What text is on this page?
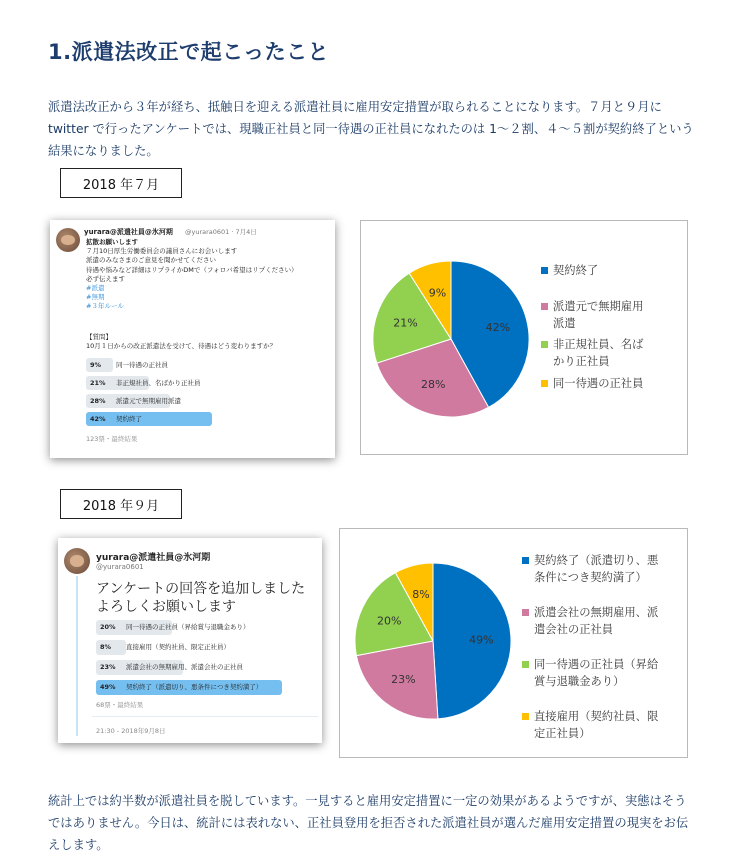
1.派遣法改正で起こったこと
派遣法改正から３年が経ち、抵触日を迎える派遣社員に雇用安定措置が取られることになります。７月と９月に twitter で行ったアンケートでは、現職正社員と同一待遇の正社員になれたのは 1～２割、４～５割が契約終了という結果になりました。
2018 年７月
yurara@派遣社員@氷河期 @yurara0601 · 7月4日
拡散お願いします
７月10日厚生労働委員会の議員さんにお会いします
派遣のみなさまのご意見を聞かせてください
待遇や悩みなど詳細はリプライかDMで（フォロバ希望はリプください）
必ず伝えます
#派遣
#無期
#３年ルール
【質問】
10月１日からの改正派遣法を受けて、待遇はどう変わりますか？
9% 同一待遇の正社員
21% 非正規社員、名ばかり正社員
28% 派遣元で無期雇用派遣
42% 契約終了
123票・最終結果
42%
28%
21%
9%
契約終了
派遣元で無期雇用
派遣
非正規社員、名ば
かり正社員
同一待遇の正社員
2018 年９月
yurara@派遣社員@氷河期
@yurara0601
アンケートの回答を追加しました
よろしくお願いします
20% 同一待遇の正社員（昇給賞与退職金あり）
8% 直接雇用（契約社員、限定正社員）
23% 派遣会社の無期雇用、派遣会社の正社員
49% 契約終了（派遣切り、悪条件につき契約満了）
68票・最終結果
21:30 - 2018年9月8日
49%
23%
20%
8%
契約終了（派遣切り、悪
条件につき契約満了）
派遣会社の無期雇用、派
遣会社の正社員
同一待遇の正社員（昇給
賞与退職金あり）
直接雇用（契約社員、限
定正社員）
統計上では約半数が派遣社員を脱しています。一見すると雇用安定措置に一定の効果があるようですが、実態はそうではありません。今日は、統計には表れない、正社員登用を拒否された派遣社員が選んだ雇用安定措置の現実をお伝えします。
